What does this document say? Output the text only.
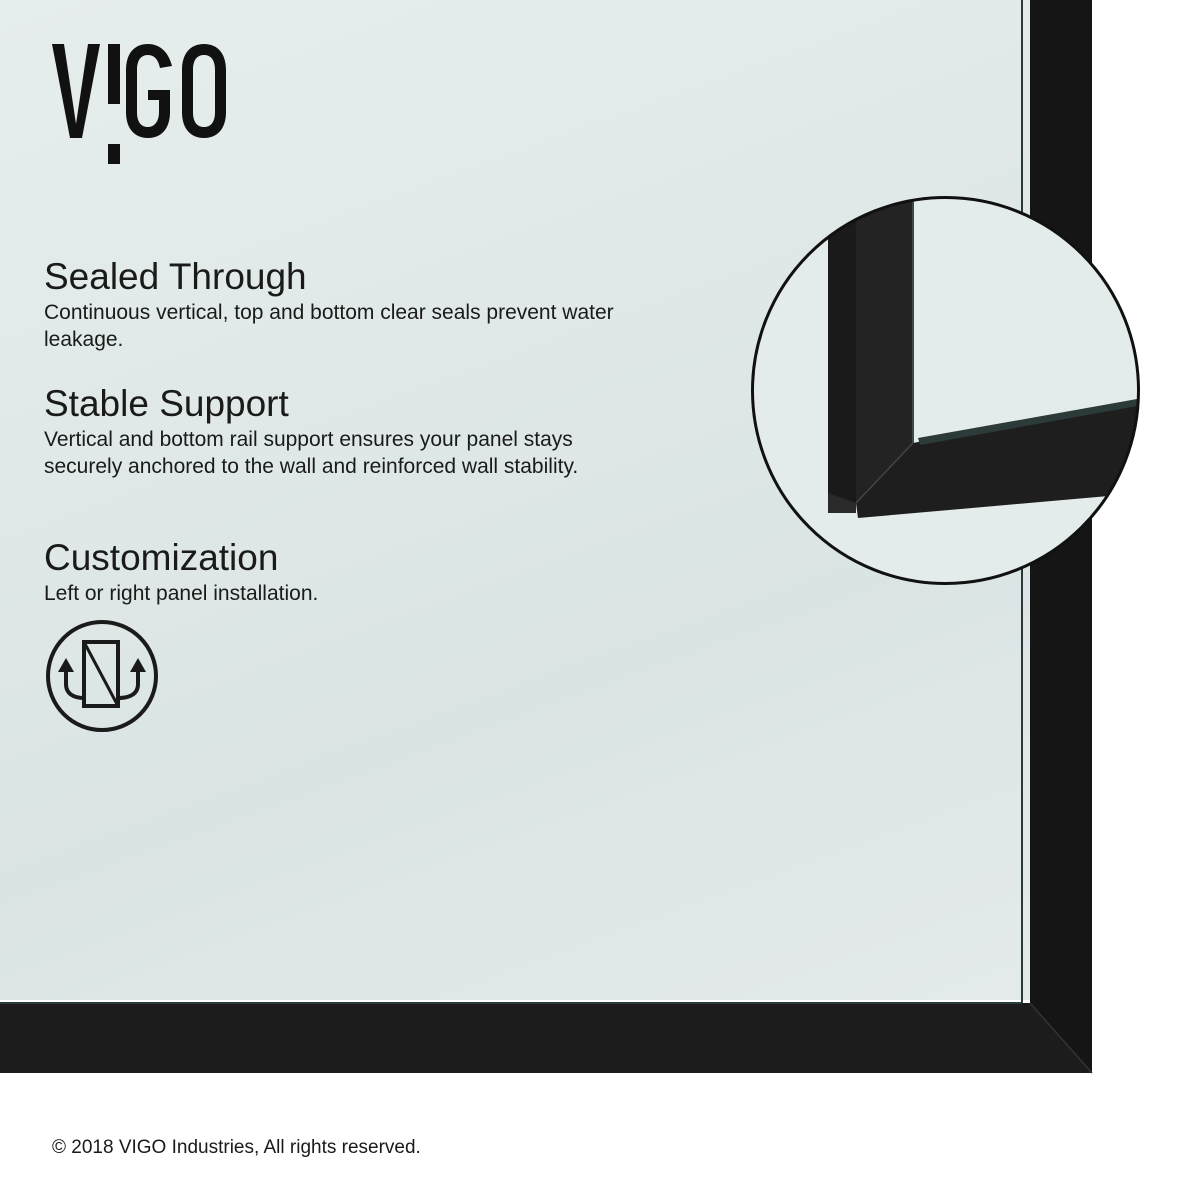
Sealed Through

Continuous vertical, top and bottom clear seals prevent water leakage.

Stable Support

Vertical and bottom rail support ensures your panel stays securely anchored to the wall and reinforced wall stability.

Customization

Left or right panel installation.

© 2018 VIGO Industries, All rights reserved.
